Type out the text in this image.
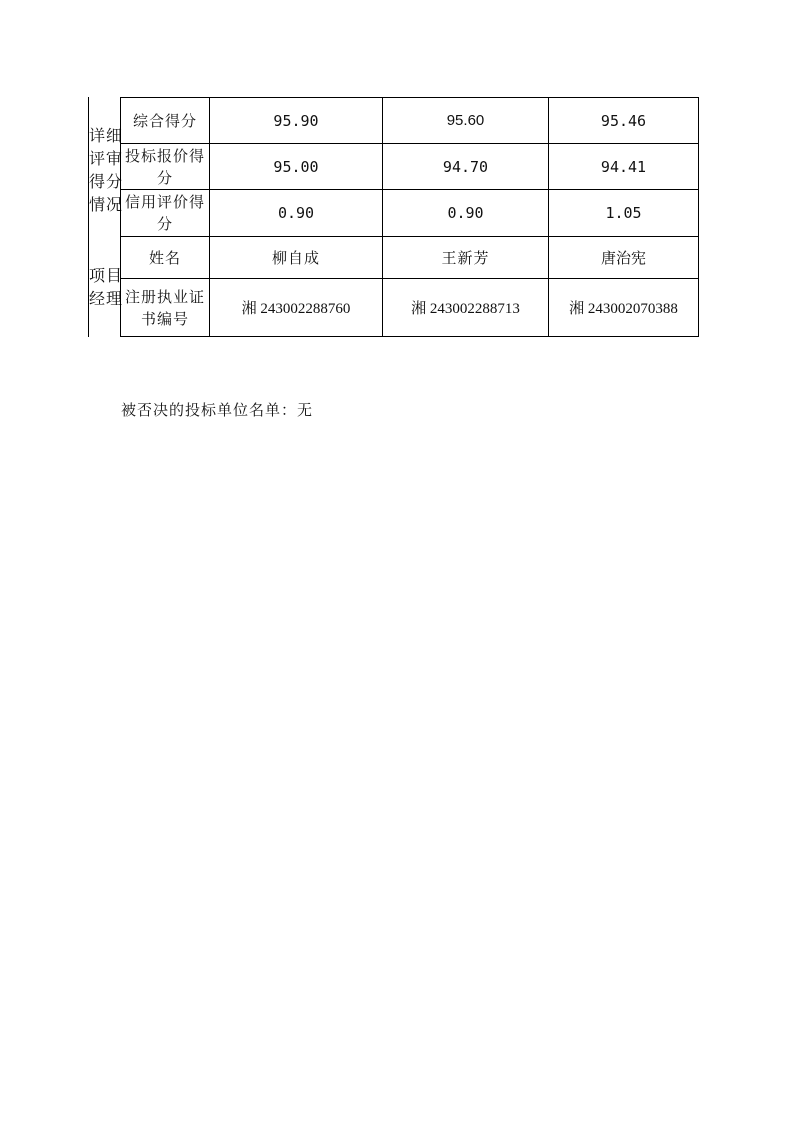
详细评审得分情况
项目经理
综合得分	95.90	95.60	95.46
投标报价得分	95.00	94.70	94.41
信用评价得分	0.90	0.90	1.05
姓名	柳自成	王新芳	唐治宪
注册执业证书编号	湘 243002288760	湘 243002288713	湘 243002070388
被否决的投标单位名单：无
